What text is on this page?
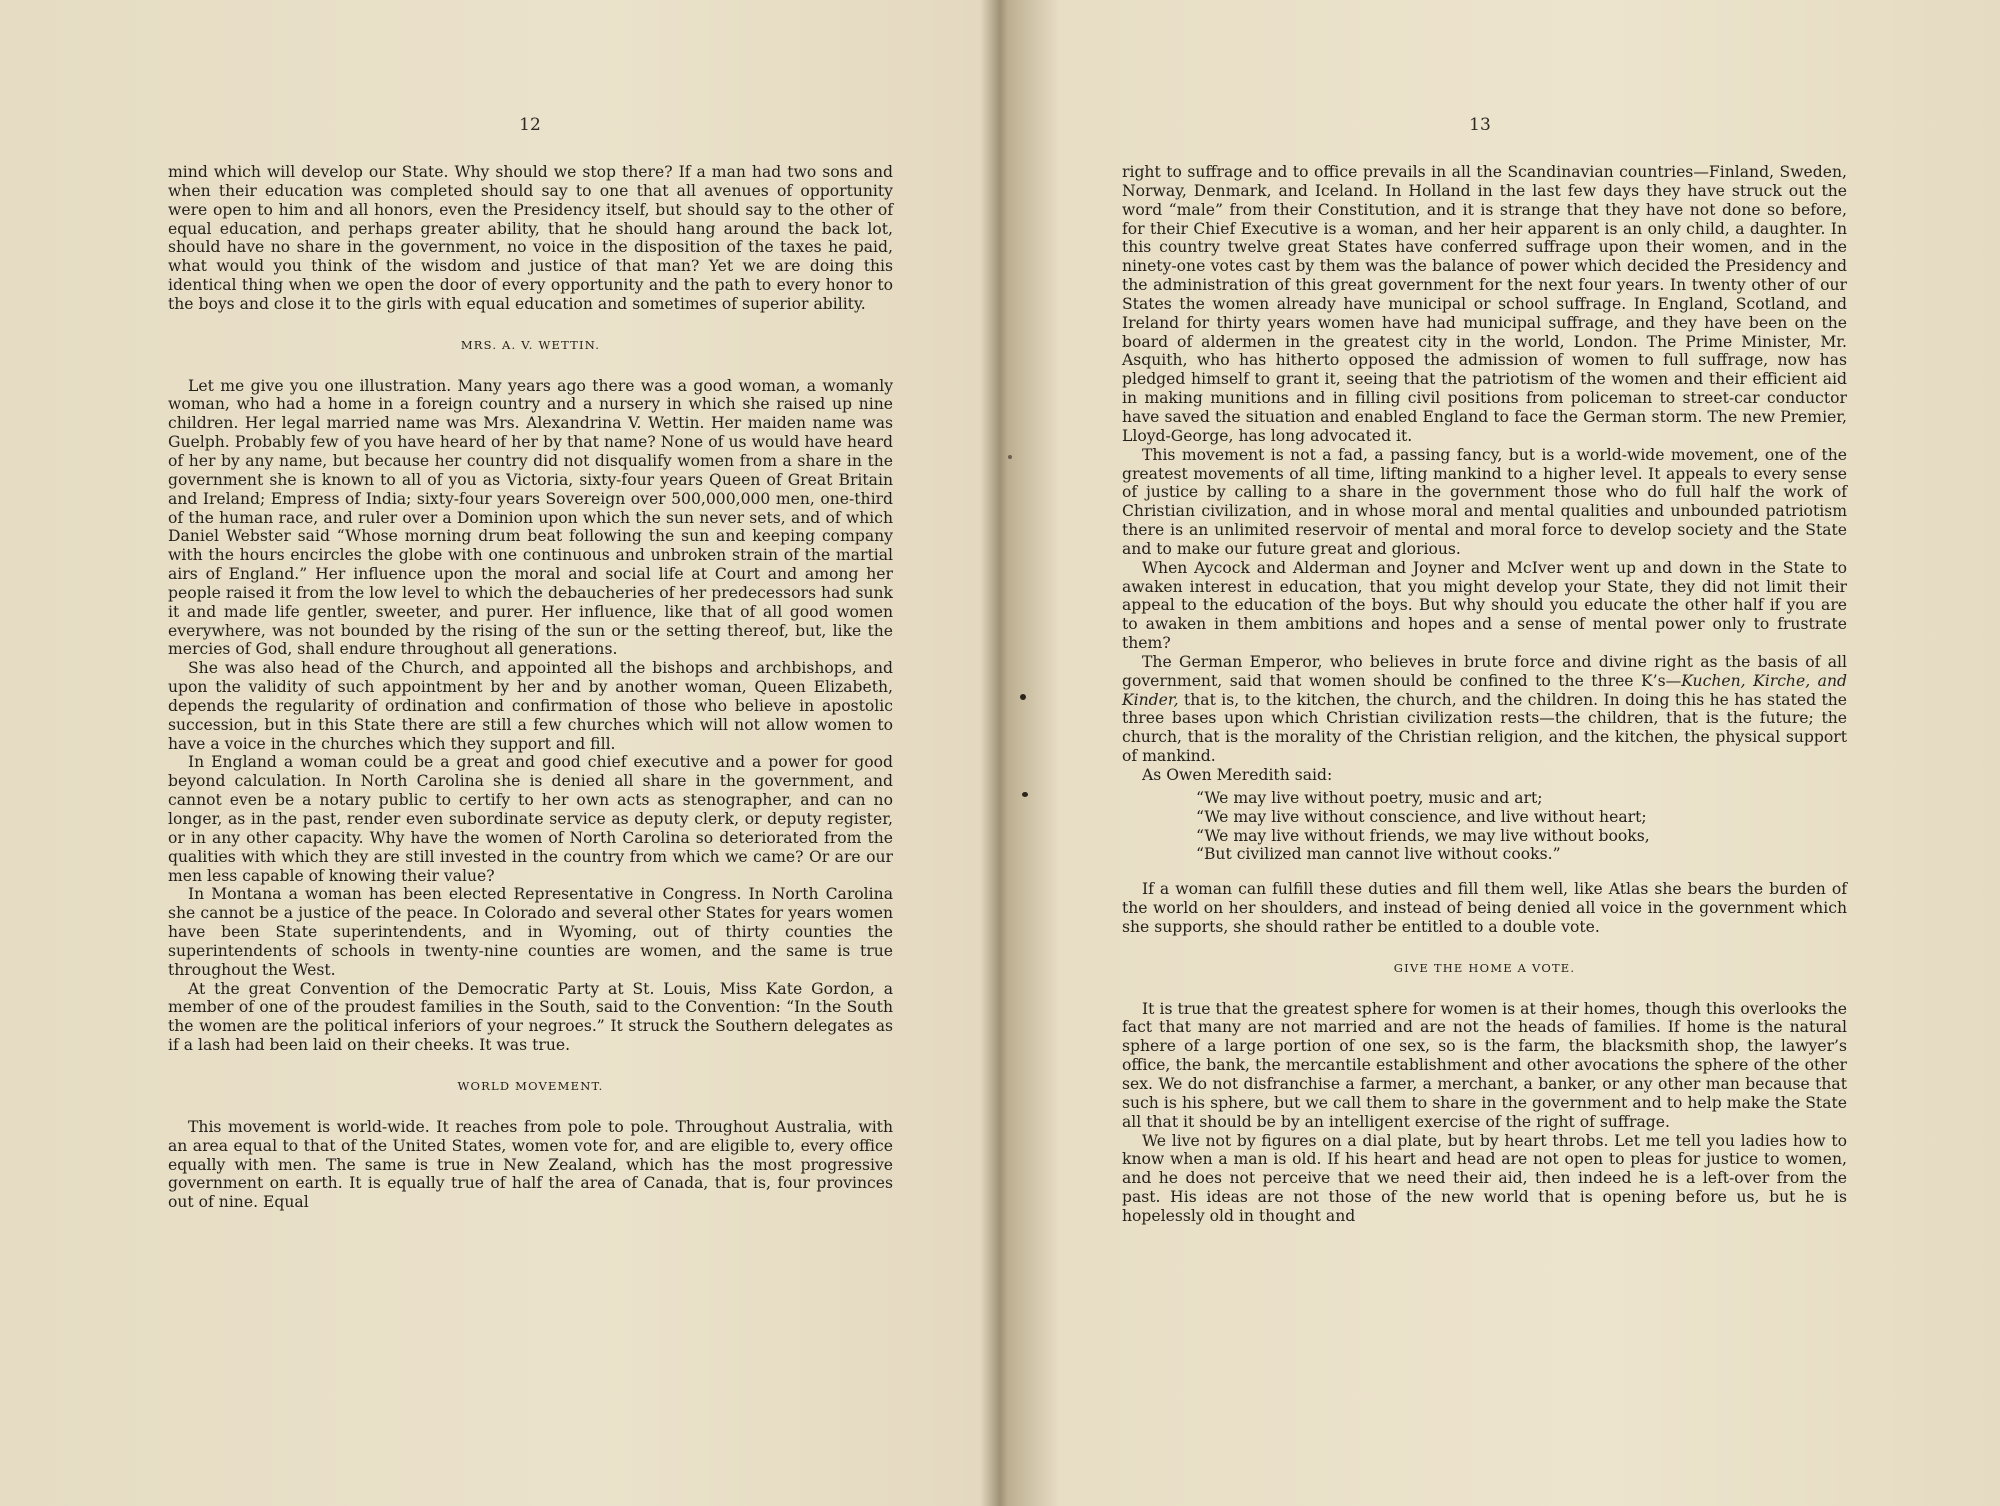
12

mind which will develop our State. Why should we stop there? If a man had two sons and when their education was completed should say to one that all avenues of opportunity were open to him and all honors, even the Presidency itself, but should say to the other of equal education, and perhaps greater ability, that he should hang around the back lot, should have no share in the government, no voice in the disposition of the taxes he paid, what would you think of the wisdom and justice of that man? Yet we are doing this identical thing when we open the door of every opportunity and the path to every honor to the boys and close it to the girls with equal education and sometimes of superior ability.

MRS. A. V. WETTIN.

Let me give you one illustration. Many years ago there was a good woman, a womanly woman, who had a home in a foreign country and a nursery in which she raised up nine children. Her legal married name was Mrs. Alexandrina V. Wettin. Her maiden name was Guelph. Probably few of you have heard of her by that name? None of us would have heard of her by any name, but because her country did not disqualify women from a share in the government she is known to all of you as Victoria, sixty-four years Queen of Great Britain and Ireland; Empress of India; sixty-four years Sovereign over 500,000,000 men, one-third of the human race, and ruler over a Dominion upon which the sun never sets, and of which Daniel Webster said “Whose morning drum beat following the sun and keeping company with the hours encircles the globe with one continuous and unbroken strain of the martial airs of England.” Her influence upon the moral and social life at Court and among her people raised it from the low level to which the debaucheries of her predecessors had sunk it and made life gentler, sweeter, and purer. Her influence, like that of all good women everywhere, was not bounded by the rising of the sun or the setting thereof, but, like the mercies of God, shall endure throughout all generations.

She was also head of the Church, and appointed all the bishops and archbishops, and upon the validity of such appointment by her and by another woman, Queen Elizabeth, depends the regularity of ordination and confirmation of those who believe in apostolic succession, but in this State there are still a few churches which will not allow women to have a voice in the churches which they support and fill.

In England a woman could be a great and good chief executive and a power for good beyond calculation. In North Carolina she is denied all share in the government, and cannot even be a notary public to certify to her own acts as stenographer, and can no longer, as in the past, render even subordinate service as deputy clerk, or deputy register, or in any other capacity. Why have the women of North Carolina so deteriorated from the qualities with which they are still invested in the country from which we came? Or are our men less capable of knowing their value?

In Montana a woman has been elected Representative in Congress. In North Carolina she cannot be a justice of the peace. In Colorado and several other States for years women have been State superintendents, and in Wyoming, out of thirty counties the superintendents of schools in twenty-nine counties are women, and the same is true throughout the West.

At the great Convention of the Democratic Party at St. Louis, Miss Kate Gordon, a member of one of the proudest families in the South, said to the Convention: “In the South the women are the political inferiors of your negroes.” It struck the Southern delegates as if a lash had been laid on their cheeks. It was true.

WORLD MOVEMENT.

This movement is world-wide. It reaches from pole to pole. Throughout Australia, with an area equal to that of the United States, women vote for, and are eligible to, every office equally with men. The same is true in New Zealand, which has the most progressive government on earth. It is equally true of half the area of Canada, that is, four provinces out of nine. Equal

13

right to suffrage and to office prevails in all the Scandinavian countries—Finland, Sweden, Norway, Denmark, and Iceland. In Holland in the last few days they have struck out the word “male” from their Constitution, and it is strange that they have not done so before, for their Chief Executive is a woman, and her heir apparent is an only child, a daughter. In this country twelve great States have conferred suffrage upon their women, and in the ninety-one votes cast by them was the balance of power which decided the Presidency and the administration of this great government for the next four years. In twenty other of our States the women already have municipal or school suffrage. In England, Scotland, and Ireland for thirty years women have had municipal suffrage, and they have been on the board of aldermen in the greatest city in the world, London. The Prime Minister, Mr. Asquith, who has hitherto opposed the admission of women to full suffrage, now has pledged himself to grant it, seeing that the patriotism of the women and their efficient aid in making munitions and in filling civil positions from policeman to street-car conductor have saved the situation and enabled England to face the German storm. The new Premier, Lloyd-George, has long advocated it.

This movement is not a fad, a passing fancy, but is a world-wide movement, one of the greatest movements of all time, lifting mankind to a higher level. It appeals to every sense of justice by calling to a share in the government those who do full half the work of Christian civilization, and in whose moral and mental qualities and unbounded patriotism there is an unlimited reservoir of mental and moral force to develop society and the State and to make our future great and glorious.

When Aycock and Alderman and Joyner and McIver went up and down in the State to awaken interest in education, that you might develop your State, they did not limit their appeal to the education of the boys. But why should you educate the other half if you are to awaken in them ambitions and hopes and a sense of mental power only to frustrate them?

The German Emperor, who believes in brute force and divine right as the basis of all government, said that women should be confined to the three K’s—Kuchen, Kirche, and Kinder, that is, to the kitchen, the church, and the children. In doing this he has stated the three bases upon which Christian civilization rests—the children, that is the future; the church, that is the morality of the Christian religion, and the kitchen, the physical support of mankind.

As Owen Meredith said:

“We may live without poetry, music and art;
“We may live without conscience, and live without heart;
“We may live without friends, we may live without books,
“But civilized man cannot live without cooks.”

If a woman can fulfill these duties and fill them well, like Atlas she bears the burden of the world on her shoulders, and instead of being denied all voice in the government which she supports, she should rather be entitled to a double vote.

GIVE THE HOME A VOTE.

It is true that the greatest sphere for women is at their homes, though this overlooks the fact that many are not married and are not the heads of families. If home is the natural sphere of a large portion of one sex, so is the farm, the blacksmith shop, the lawyer’s office, the bank, the mercantile establishment and other avocations the sphere of the other sex. We do not disfranchise a farmer, a merchant, a banker, or any other man because that such is his sphere, but we call them to share in the government and to help make the State all that it should be by an intelligent exercise of the right of suffrage.

We live not by figures on a dial plate, but by heart throbs. Let me tell you ladies how to know when a man is old. If his heart and head are not open to pleas for justice to women, and he does not perceive that we need their aid, then indeed he is a left-over from the past. His ideas are not those of the new world that is opening before us, but he is hopelessly old in thought and
